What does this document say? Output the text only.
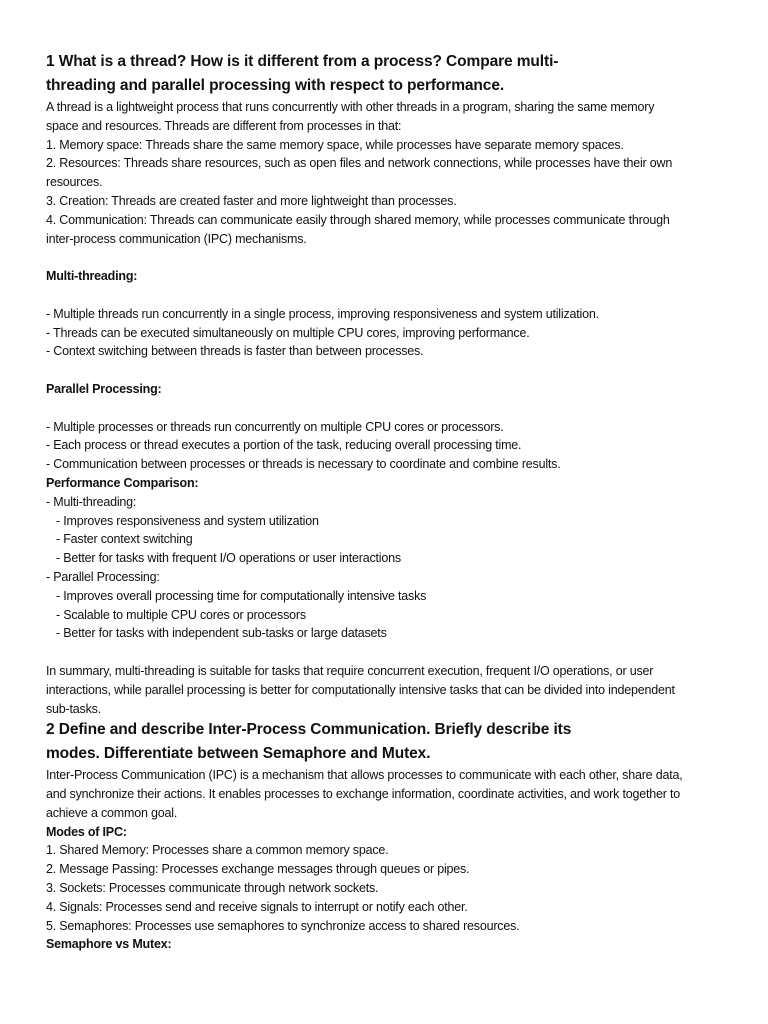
1 What is a thread? How is it different from a process? Compare multi-
threading and parallel processing with respect to performance.
A thread is a lightweight process that runs concurrently with other threads in a program, sharing the same memory
space and resources. Threads are different from processes in that:
1. Memory space: Threads share the same memory space, while processes have separate memory spaces.
2. Resources: Threads share resources, such as open files and network connections, while processes have their own
resources.
3. Creation: Threads are created faster and more lightweight than processes.
4. Communication: Threads can communicate easily through shared memory, while processes communicate through
inter-process communication (IPC) mechanisms.
Multi-threading:
- Multiple threads run concurrently in a single process, improving responsiveness and system utilization.
- Threads can be executed simultaneously on multiple CPU cores, improving performance.
- Context switching between threads is faster than between processes.
Parallel Processing:
- Multiple processes or threads run concurrently on multiple CPU cores or processors.
- Each process or thread executes a portion of the task, reducing overall processing time.
- Communication between processes or threads is necessary to coordinate and combine results.
Performance Comparison:
- Multi-threading:
- Improves responsiveness and system utilization
- Faster context switching
- Better for tasks with frequent I/O operations or user interactions
- Parallel Processing:
- Improves overall processing time for computationally intensive tasks
- Scalable to multiple CPU cores or processors
- Better for tasks with independent sub-tasks or large datasets
In summary, multi-threading is suitable for tasks that require concurrent execution, frequent I/O operations, or user
interactions, while parallel processing is better for computationally intensive tasks that can be divided into independent
sub-tasks.
2 Define and describe Inter-Process Communication. Briefly describe its
modes. Differentiate between Semaphore and Mutex.
Inter-Process Communication (IPC) is a mechanism that allows processes to communicate with each other, share data,
and synchronize their actions. It enables processes to exchange information, coordinate activities, and work together to
achieve a common goal.
Modes of IPC:
1. Shared Memory: Processes share a common memory space.
2. Message Passing: Processes exchange messages through queues or pipes.
3. Sockets: Processes communicate through network sockets.
4. Signals: Processes send and receive signals to interrupt or notify each other.
5. Semaphores: Processes use semaphores to synchronize access to shared resources.
Semaphore vs Mutex:
